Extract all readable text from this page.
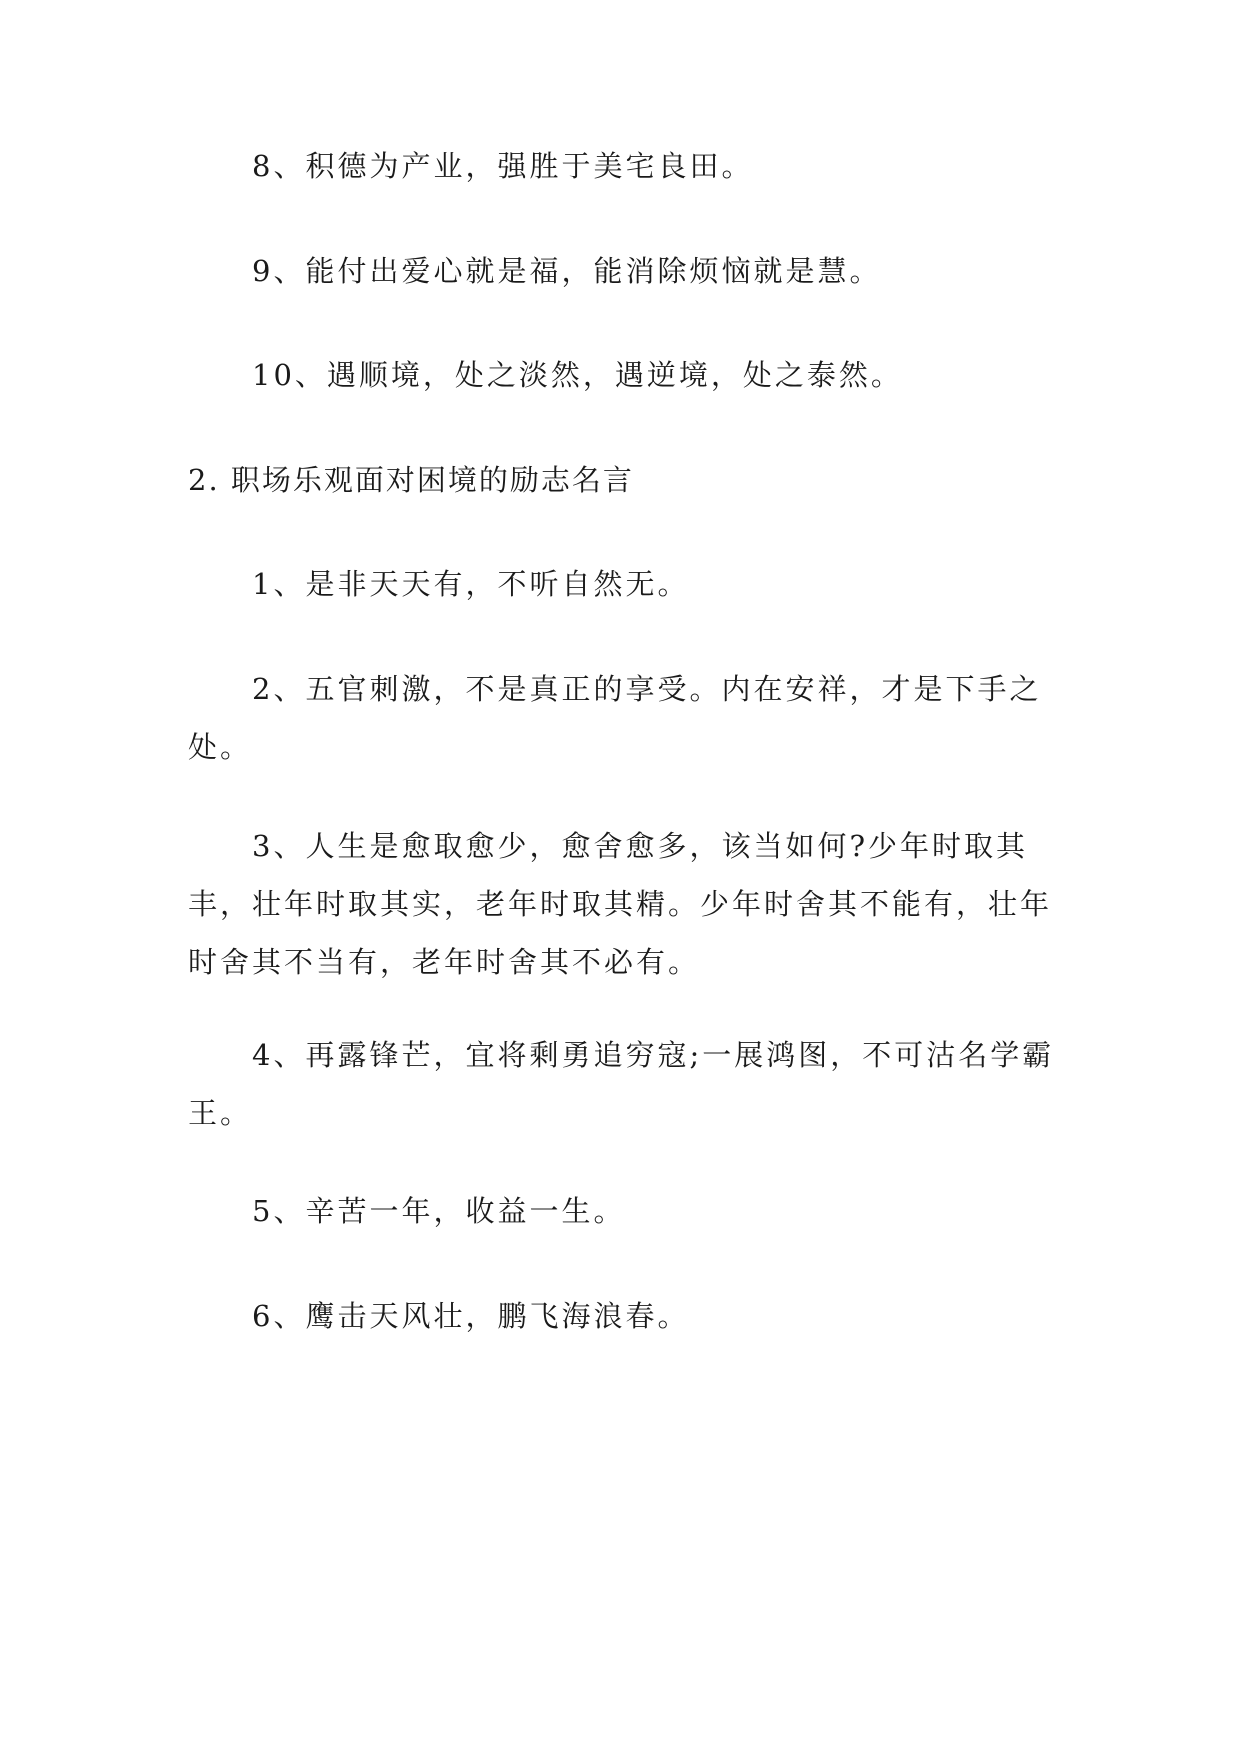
8、积德为产业，强胜于美宅良田。

9、能付出爱心就是福，能消除烦恼就是慧。

10、遇顺境，处之淡然，遇逆境，处之泰然。

2. 职场乐观面对困境的励志名言

1、是非天天有，不听自然无。

2、五官刺激，不是真正的享受。内在安祥，才是下手之处。

3、人生是愈取愈少，愈舍愈多，该当如何?少年时取其丰，壮年时取其实，老年时取其精。少年时舍其不能有，壮年时舍其不当有，老年时舍其不必有。

4、再露锋芒，宜将剩勇追穷寇;一展鸿图，不可沽名学霸王。

5、辛苦一年，收益一生。

6、鹰击天风壮，鹏飞海浪春。
